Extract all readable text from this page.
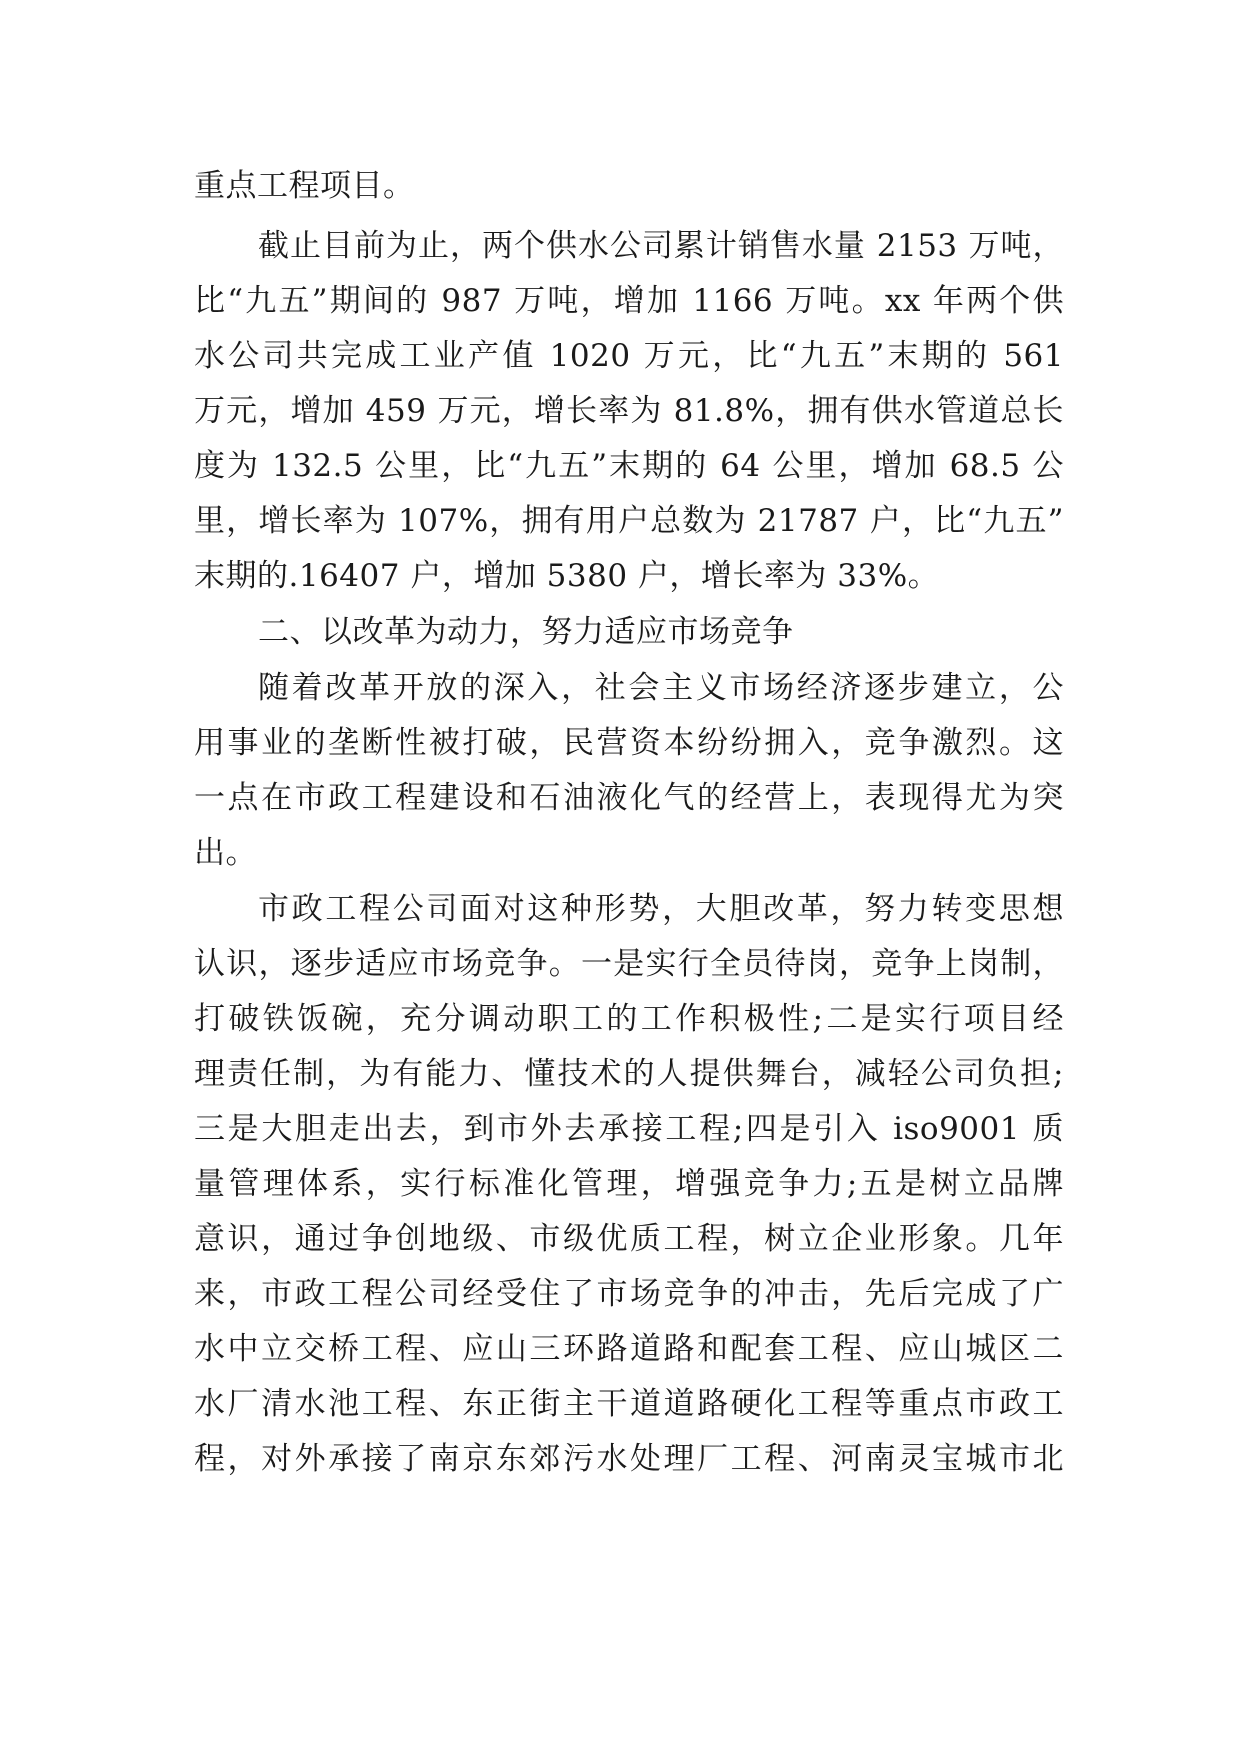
重点工程项目。
截止目前为止，两个供水公司累计销售水量 2153 万吨，
比“九五”期间的 987 万吨，增加 1166 万吨。xx 年两个供
水公司共完成工业产值 1020 万元，比“九五”末期的 561
万元，增加 459 万元，增长率为 81.8%，拥有供水管道总长
度为 132.5 公里，比“九五”末期的 64 公里，增加 68.5 公
里，增长率为 107%，拥有用户总数为 21787 户，比“九五”
末期的.16407 户，增加 5380 户，增长率为 33%。
二、以改革为动力，努力适应市场竞争
随着改革开放的深入，社会主义市场经济逐步建立，公
用事业的垄断性被打破，民营资本纷纷拥入，竞争激烈。这
一点在市政工程建设和石油液化气的经营上，表现得尤为突
出。
市政工程公司面对这种形势，大胆改革，努力转变思想
认识，逐步适应市场竞争。一是实行全员待岗，竞争上岗制，
打破铁饭碗，充分调动职工的工作积极性;二是实行项目经
理责任制，为有能力、懂技术的人提供舞台，减轻公司负担;
三是大胆走出去，到市外去承接工程;四是引入 iso9001 质
量管理体系，实行标准化管理，增强竞争力;五是树立品牌
意识，通过争创地级、市级优质工程，树立企业形象。几年
来，市政工程公司经受住了市场竞争的冲击，先后完成了广
水中立交桥工程、应山三环路道路和配套工程、应山城区二
水厂清水池工程、东正街主干道道路硬化工程等重点市政工
程，对外承接了南京东郊污水处理厂工程、河南灵宝城市北
